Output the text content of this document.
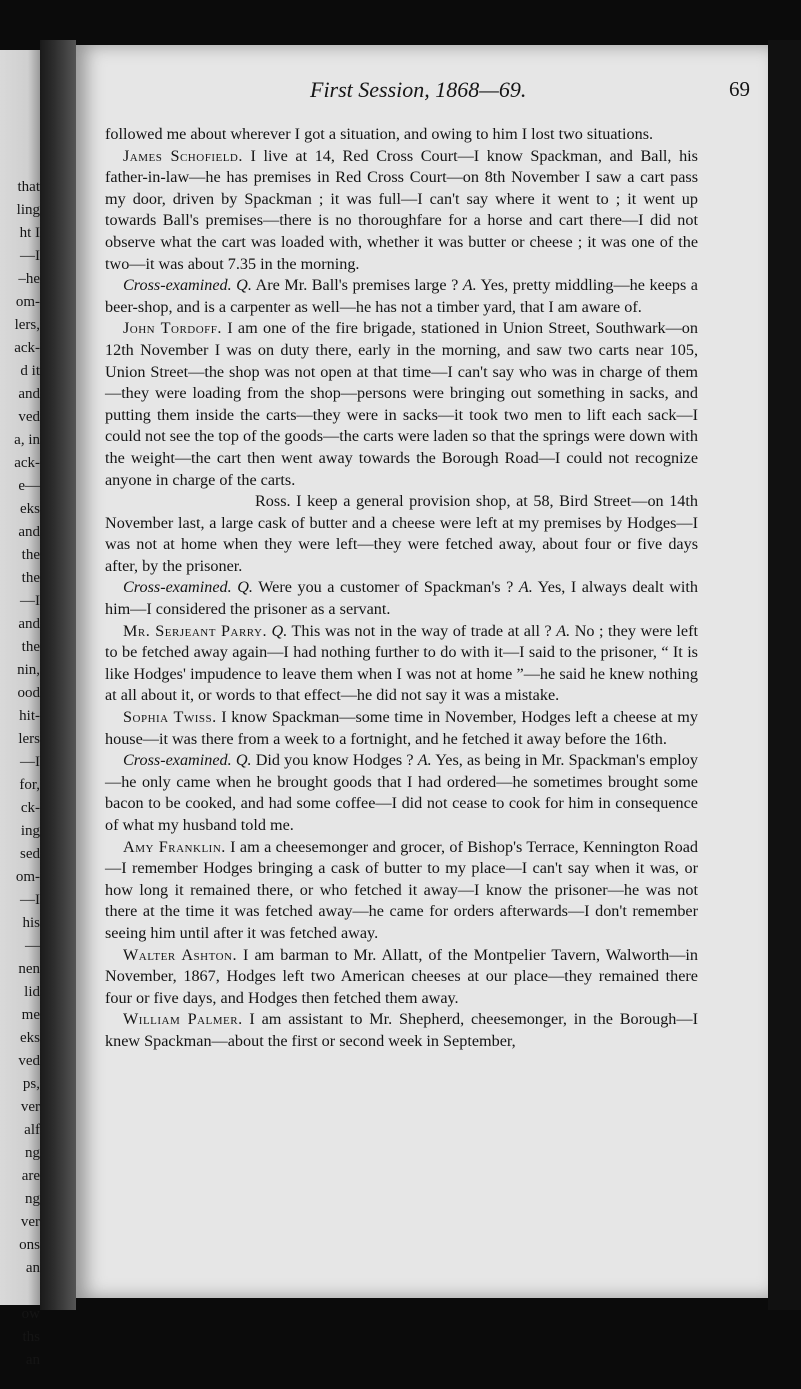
that
ling
ht I
—I
–he
om-
lers,
ack-
d it
and
ved
a, in
ack-
e—
eks
and
the
the
—I
and
the
nin,
ood
hit-
lers
—I
for,
ck-
ing
sed
om-
—I
his
—
nen
lid
me
eks
ved
ps,
ver
alf
ng
are
ng
ver
ons
an
ow
ths
an
First Session, 1868—69.	69

followed me about wherever I got a situation, and owing to him I lost two situations.

James Schofield. I live at 14, Red Cross Court—I know Spackman, and Ball, his father-in-law—he has premises in Red Cross Court—on 8th November I saw a cart pass my door, driven by Spackman ; it was full—I can't say where it went to ; it went up towards Ball's premises—there is no thoroughfare for a horse and cart there—I did not observe what the cart was loaded with, whether it was butter or cheese ; it was one of the two—it was about 7.35 in the morning.

Cross-examined. Q. Are Mr. Ball's premises large ? A. Yes, pretty middling—he keeps a beer-shop, and is a carpenter as well—he has not a timber yard, that I am aware of.

John Tordoff. I am one of the fire brigade, stationed in Union Street, Southwark—on 12th November I was on duty there, early in the morning, and saw two carts near 105, Union Street—the shop was not open at that time—I can't say who was in charge of them—they were loading from the shop—persons were bringing out something in sacks, and putting them inside the carts—they were in sacks—it took two men to lift each sack—I could not see the top of the goods—the carts were laden so that the springs were down with the weight—the cart then went away towards the Borough Road—I could not recognize anyone in charge of the carts.

Ross. I keep a general provision shop, at 58, Bird Street—on 14th November last, a large cask of butter and a cheese were left at my premises by Hodges—I was not at home when they were left—they were fetched away, about four or five days after, by the prisoner.

Cross-examined. Q. Were you a customer of Spackman's ? A. Yes, I always dealt with him—I considered the prisoner as a servant.

Mr. Serjeant Parry. Q. This was not in the way of trade at all ? A. No ; they were left to be fetched away again—I had nothing further to do with it—I said to the prisoner, “ It is like Hodges' impudence to leave them when I was not at home ”—he said he knew nothing at all about it, or words to that effect—he did not say it was a mistake.

Sophia Twiss. I know Spackman—some time in November, Hodges left a cheese at my house—it was there from a week to a fortnight, and he fetched it away before the 16th.

Cross-examined. Q. Did you know Hodges ? A. Yes, as being in Mr. Spackman's employ—he only came when he brought goods that I had ordered—he sometimes brought some bacon to be cooked, and had some coffee—I did not cease to cook for him in consequence of what my husband told me.

Amy Franklin. I am a cheesemonger and grocer, of Bishop's Terrace, Kennington Road—I remember Hodges bringing a cask of butter to my place—I can't say when it was, or how long it remained there, or who fetched it away—I know the prisoner—he was not there at the time it was fetched away—he came for orders afterwards—I don't remember seeing him until after it was fetched away.

Walter Ashton. I am barman to Mr. Allatt, of the Montpelier Tavern, Walworth—in November, 1867, Hodges left two American cheeses at our place—they remained there four or five days, and Hodges then fetched them away.

William Palmer. I am assistant to Mr. Shepherd, cheesemonger, in the Borough—I knew Spackman—about the first or second week in September,
